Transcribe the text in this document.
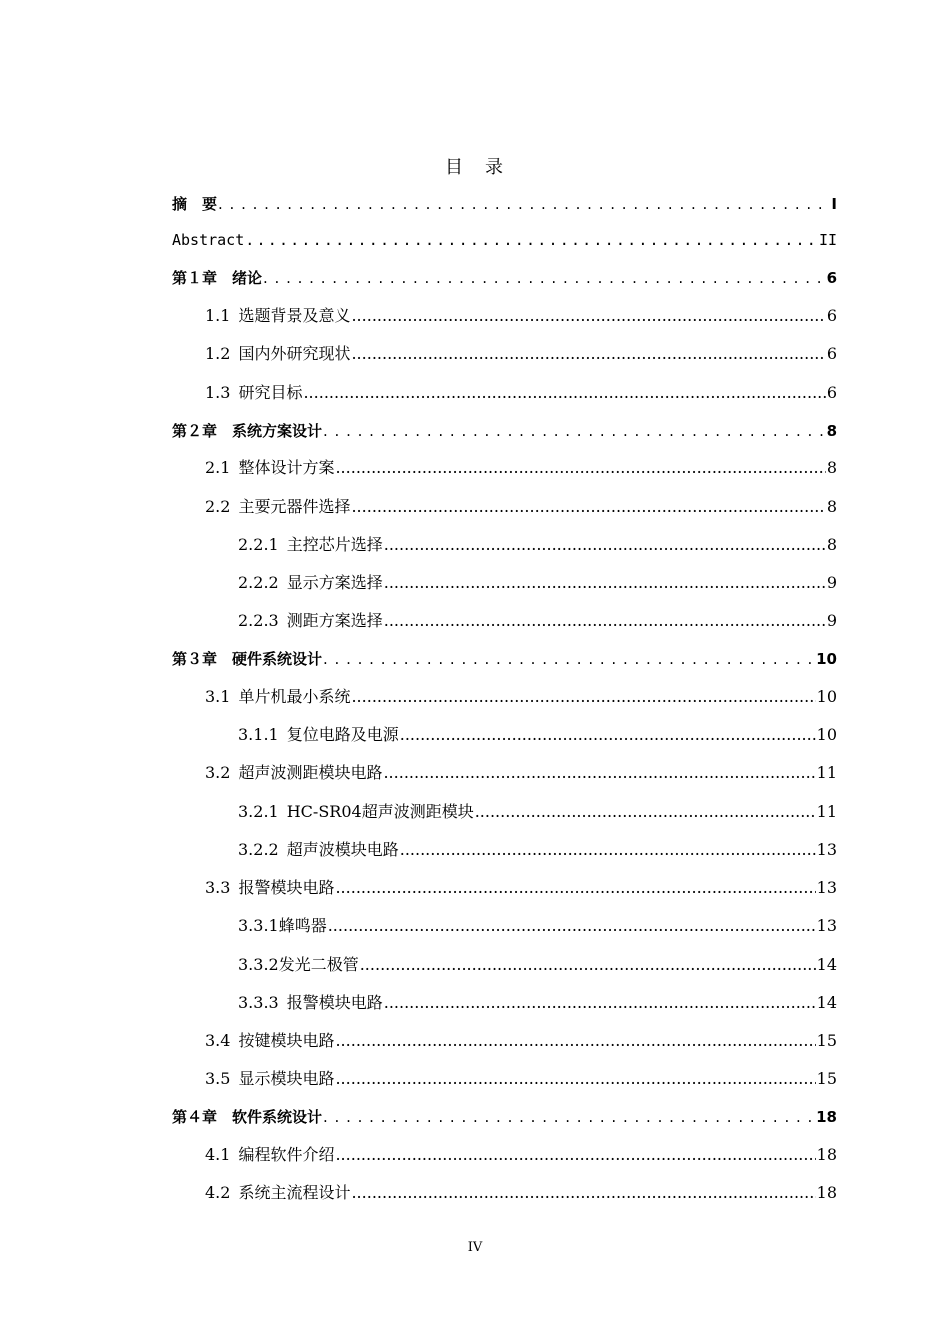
目　录
摘　要 . . .	I
Abstract .....	II
第１章　绪论 . . .	6
1.1 选题背景及意义 .....	6
1.2 国内外研究现状 .....	6
1.3 研究目标 .....	6
第２章　系统方案设计 . . .	8
2.1 整体设计方案 .....	8
2.2 主要元器件选择 .....	8
2.2.1 主控芯片选择 .....	8
2.2.2 显示方案选择 .....	9
2.2.3 测距方案选择 .....	9
第３章　硬件系统设计 . . .	10
3.1 单片机最小系统 .....	10
3.1.1 复位电路及电源 .....	10
3.2 超声波测距模块电路 .....	11
3.2.1 HC-SR04超声波测距模块 .....	11
3.2.2 超声波模块电路 .....	13
3.3 报警模块电路 .....	13
3.3.1蜂鸣器 .....	13
3.3.2发光二极管 .....	14
3.3.3 报警模块电路 .....	14
3.4 按键模块电路 .....	15
3.5 显示模块电路 .....	15
第４章　软件系统设计 . . .	18
4.1 编程软件介绍 .....	18
4.2 系统主流程设计 .....	18
IV
